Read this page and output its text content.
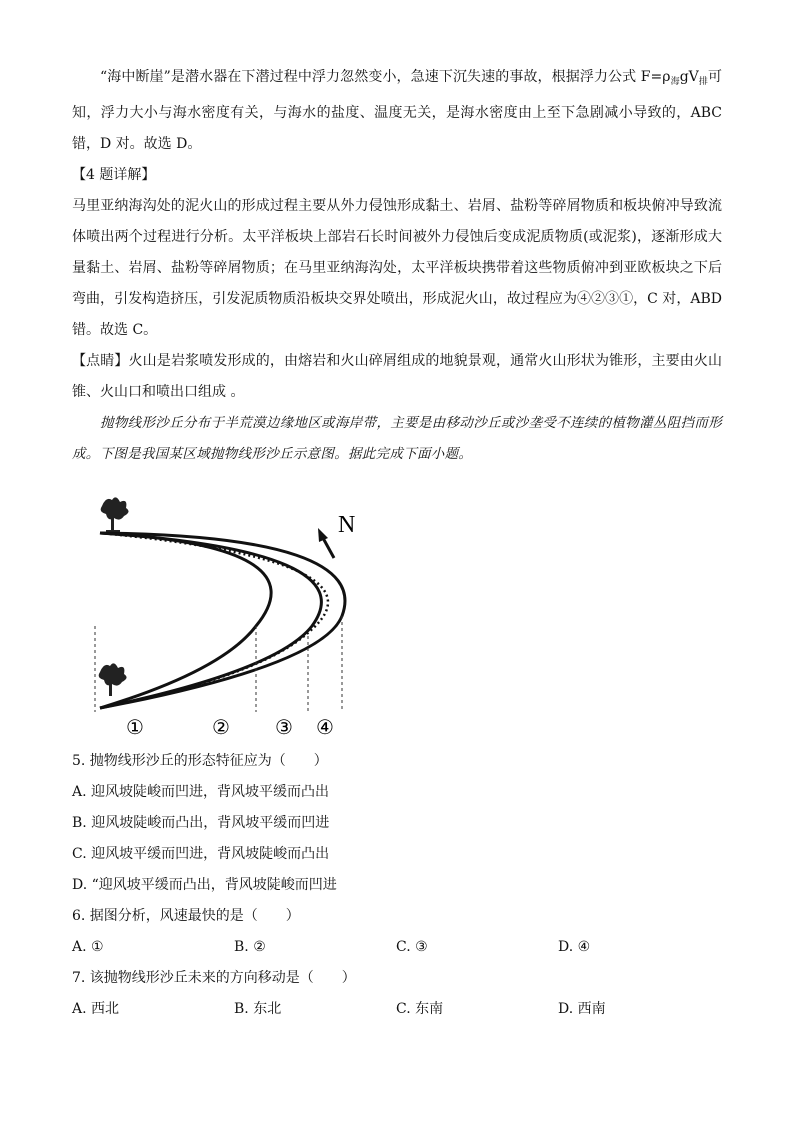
“海中断崖”是潜水器在下潜过程中浮力忽然变小，急速下沉失速的事故，根据浮力公式 $F=\rho_海gV_排$可知，浮力大小与海水密度有关，与海水的盐度、温度无关，是海水密度由上至下急剧减小导致的，ABC 错，D 对。故选 D。

【4 题详解】

马里亚纳海沟处的泥火山的形成过程主要从外力侵蚀形成黏土、岩屑、盐粉等碎屑物质和板块俯冲导致流体喷出两个过程进行分析。太平洋板块上部岩石长时间被外力侵蚀后变成泥质物质(或泥浆)，逐渐形成大量黏土、岩屑、盐粉等碎屑物质；在马里亚纳海沟处，太平洋板块携带着这些物质俯冲到亚欧板块之下后弯曲，引发构造挤压，引发泥质物质沿板块交界处喷出，形成泥火山，故过程应为④②③①，C 对，ABD 错。故选 C。

【点睛】火山是岩浆喷发形成的，由熔岩和火山碎屑组成的地貌景观，通常火山形状为锥形，主要由火山锥、火山口和喷出口组成 。

抛物线形沙丘分布于半荒漠边缘地区或海岸带，主要是由移动沙丘或沙垄受不连续的植物灌丛阻挡而形成。下图是我国某区域抛物线形沙丘示意图。据此完成下面小题。

N
①	② ③ ④

5. 抛物线形沙丘的形态特征应为（　　）

A. 迎风坡陡峻而凹进，背风坡平缓而凸出

B. 迎风坡陡峻而凸出，背风坡平缓而凹进

C. 迎风坡平缓而凹进，背风坡陡峻而凸出

D. “迎风坡平缓而凸出，背风坡陡峻而凹进

6. 据图分析，风速最快的是（　　）

A. ①	B. ②	C. ③	D. ④

7. 该抛物线形沙丘未来的方向移动是（　　）

A. 西北	B. 东北	C. 东南	D. 西南
